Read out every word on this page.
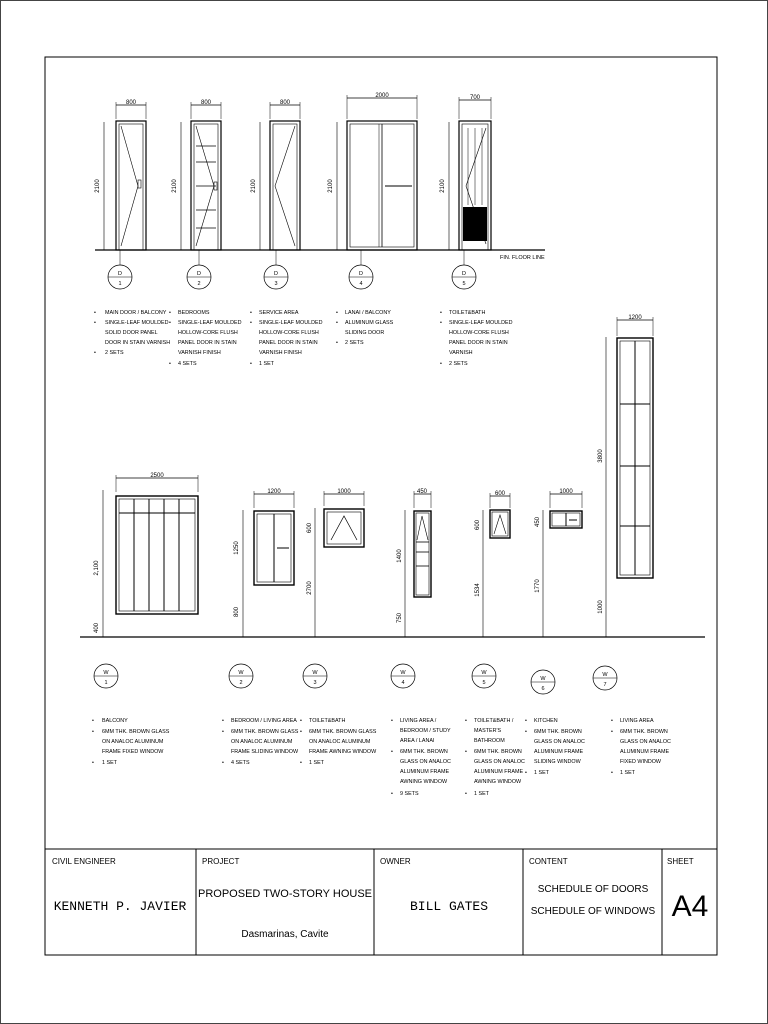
FIN. FLOOR LINE
800
2100
800
2100
800
2100
2000
2100
700
2100
D
1
D
2
D
3
D
4
D
5
• MAIN DOOR / BALCONY
• SINGLE-LEAF MOULDED
SOLID DOOR PANEL
DOOR IN STAIN VARNISH
• 2 SETS
• BEDROOMS
• SINGLE-LEAF MOULDED
HOLLOW-CORE FLUSH
PANEL DOOR IN STAIN
VARNISH FINISH
• 4 SETS
• SERVICE AREA
• SINGLE-LEAF MOULDED
HOLLOW-CORE FLUSH
PANEL DOOR IN STAIN
VARNISH FINISH
• 1 SET
• LANAI / BALCONY
• ALUMINUM GLASS
SLIDING DOOR
• 2 SETS
• TOILET&BATH
• SINGLE-LEAF MOULDED
HOLLOW-CORE FLUSH
PANEL DOOR IN STAIN
VARNISH
• 2 SETS
2500
2,100
400
1200
1250
800
1000
600
2700
450
1400
750
600
600
1534
1000
450
1770
1200
3800
1000
W
1
W
2
W
3
W
4
W
5
W
6
W
7
• BALCONY
• 6MM THK. BROWN GLASS
ON ANALOC ALUMINUM
FRAME FIXED WINDOW
• 1 SET
• BEDROOM / LIVING AREA
• 6MM THK. BROWN GLASS
ON ANALOC ALUMINUM
FRAME SLIDING WINDOW
• 4 SETS
• TOILET&BATH
• 6MM THK. BROWN GLASS
ON ANALOC ALUMINUM
FRAME AWNING WINDOW
• 1 SET
• LIVING AREA /
BEDROOM / STUDY
AREA / LANAI
• 6MM THK. BROWN
GLASS ON ANALOC
ALUMINUM FRAME
AWNING WINDOW
• 9 SETS
• TOILET&BATH /
MASTER'S
BATHROOM
• 6MM THK. BROWN
GLASS ON ANALOC
ALUMINUM FRAME
AWNING WINDOW
• 1 SET
• KITCHEN
• 6MM THK. BROWN
GLASS ON ANALOC
ALUMINUM FRAME
SLIDING WINDOW
• 1 SET
• LIVING AREA
• 6MM THK. BROWN
GLASS ON ANALOC
ALUMINUM FRAME
FIXED WINDOW
• 1 SET
CIVIL ENGINEER
KENNETH P. JAVIER
PROJECT
PROPOSED TWO-STORY HOUSE
Dasmarinas, Cavite
OWNER
BILL GATES
CONTENT
SCHEDULE OF DOORS
SCHEDULE OF WINDOWS
SHEET
A4
